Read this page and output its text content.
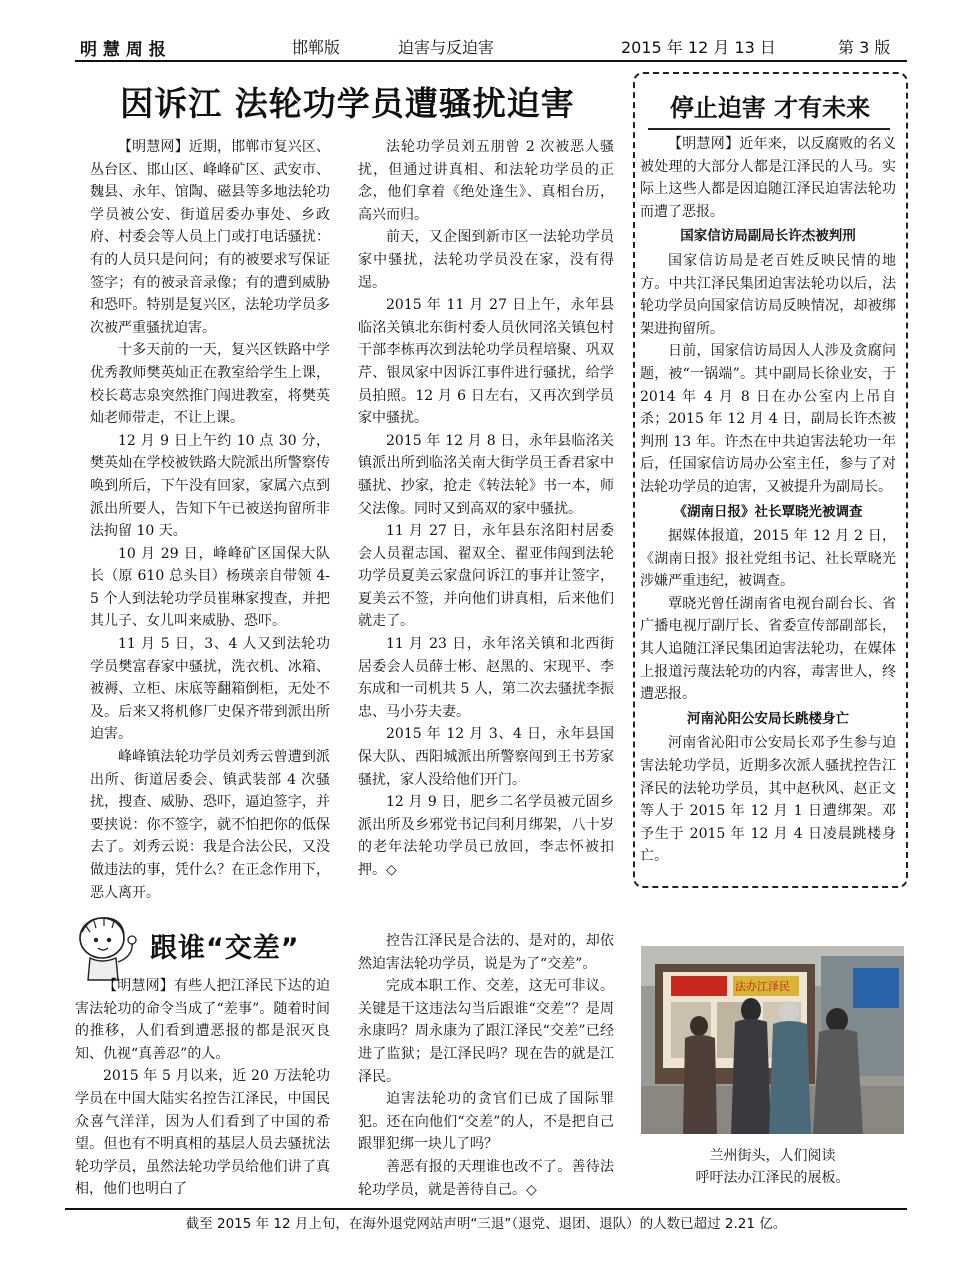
明 慧 周 报	邯郸版	迫害与反迫害	2015 年 12 月 13 日	第 3 版
因诉江 法轮功学员遭骚扰迫害

【明慧网】近期，邯郸市复兴区、丛台区、邯山区、峰峰矿区、武安市、魏县、永年、馆陶、磁县等多地法轮功学员被公安、街道居委办事处、乡政府、村委会等人员上门或打电话骚扰：有的人员只是问问；有的被要求写保证签字；有的被录音录像；有的遭到威胁和恐吓。特别是复兴区，法轮功学员多次被严重骚扰迫害。

十多天前的一天，复兴区铁路中学优秀教师樊英灿正在教室给学生上课，校长葛志泉突然推门闯进教室，将樊英灿老师带走，不让上课。

12 月 9 日上午约 10 点 30 分，樊英灿在学校被铁路大院派出所警察传唤到所后，下午没有回家，家属六点到派出所要人，告知下午已被送拘留所非法拘留 10 天。

10 月 29 日，峰峰矿区国保大队长（原 610 总头目）杨瑛亲自带领 4-5 个人到法轮功学员崔琳家搜查，并把其儿子、女儿叫来威胁、恐吓。

11 月 5 日，3、4 人又到法轮功学员樊富春家中骚扰，洗衣机、冰箱、被褥、立柜、床底等翻箱倒柜，无处不及。后来又将机修厂史保齐带到派出所迫害。

峰峰镇法轮功学员刘秀云曾遭到派出所、街道居委会、镇武装部 4 次骚扰，搜查、威胁、恐吓，逼迫签字，并要挟说：你不签字，就不怕把你的低保去了。刘秀云说：我是合法公民，又没做违法的事，凭什么？在正念作用下，恶人离开。

法轮功学员刘五朋曾 2 次被恶人骚扰，但通过讲真相、和法轮功学员的正念，他们拿着《绝处逢生》、真相台历，高兴而归。

前天，又企图到新市区一法轮功学员家中骚扰，法轮功学员没在家，没有得逞。

2015 年 11 月 27 日上午，永年县临洺关镇北东街村委人员伙同洺关镇包村干部李栋再次到法轮功学员程培聚、巩双芹、银凤家中因诉江事件进行骚扰，给学员拍照。12 月 6 日左右，又再次到学员家中骚扰。

2015 年 12 月 8 日，永年县临洺关镇派出所到临洺关南大街学员王香君家中骚扰、抄家，抢走《转法轮》书一本，师父法像。同时又到高双的家中骚扰。

11 月 27 日，永年县东洺阳村居委会人员翟志国、翟双全、翟亚伟闯到法轮功学员夏美云家盘问诉江的事并让签字，夏美云不签，并向他们讲真相，后来他们就走了。

11 月 23 日，永年洺关镇和北西街居委会人员薛士彬、赵黑的、宋现平、李东成和一司机共 5 人，第二次去骚扰李振忠、马小芬夫妻。

2015 年 12 月 3、4 日，永年县国保大队、西阳城派出所警察闯到王书芳家骚扰，家人没给他们开门。

12 月 9 日，肥乡二名学员被元固乡派出所及乡邪党书记闫利月绑架，八十岁的老年法轮功学员已放回，李志怀被扣押。◇

停止迫害 才有未来

【明慧网】近年来，以反腐败的名义被处理的大部分人都是江泽民的人马。实际上这些人都是因追随江泽民迫害法轮功而遭了恶报。

国家信访局副局长许杰被判刑

国家信访局是老百姓反映民情的地方。中共江泽民集团迫害法轮功以后，法轮功学员向国家信访局反映情况，却被绑架进拘留所。

日前，国家信访局因人人涉及贪腐问题，被“一锅端”。其中副局长徐业安，于 2014 年 4 月 8 日在办公室内上吊自杀；2015 年 12 月 4 日，副局长许杰被判刑 13 年。许杰在中共迫害法轮功一年后，任国家信访局办公室主任，参与了对法轮功学员的迫害，又被提升为副局长。

《湖南日报》社长覃晓光被调查

据媒体报道，2015 年 12 月 2 日，《湖南日报》报社党组书记、社长覃晓光涉嫌严重违纪，被调查。

覃晓光曾任湖南省电视台副台长、省广播电视厅副厅长、省委宣传部副部长，其人追随江泽民集团迫害法轮功，在媒体上报道污蔑法轮功的内容，毒害世人，终遭恶报。

河南沁阳公安局长跳楼身亡

河南省沁阳市公安局长邓予生参与迫害法轮功学员，近期多次派人骚扰控告江泽民的法轮功学员，其中赵秋风、赵正文等人于 2015 年 12 月 1 日遭绑架。邓予生于 2015 年 12 月 4 日凌晨跳楼身亡。

跟谁“交差”

【明慧网】有些人把江泽民下达的迫害法轮功的命令当成了“差事”。随着时间的推移，人们看到遭恶报的都是泯灭良知、仇视“真善忍”的人。

2015 年 5 月以来，近 20 万法轮功学员在中国大陆实名控告江泽民，中国民众喜气洋洋，因为人们看到了中国的希望。但也有不明真相的基层人员去骚扰法轮功学员，虽然法轮功学员给他们讲了真相，他们也明白了

控告江泽民是合法的、是对的，却依然迫害法轮功学员，说是为了“交差”。

完成本职工作、交差，这无可非议。关键是干这违法勾当后跟谁“交差”？是周永康吗？周永康为了跟江泽民“交差”已经进了监狱；是江泽民吗？现在告的就是江泽民。

迫害法轮功的贪官们已成了国际罪犯。还在向他们“交差”的人，不是把自己跟罪犯绑一块儿了吗？

善恶有报的天理谁也改不了。善待法轮功学员，就是善待自己。◇

法办江泽民
兰州街头，人们阅读
呼吁法办江泽民的展板。
截至 2015 年 12 月上旬，在海外退党网站声明“三退”（退党、退团、退队）的人数已超过 2.21 亿。
